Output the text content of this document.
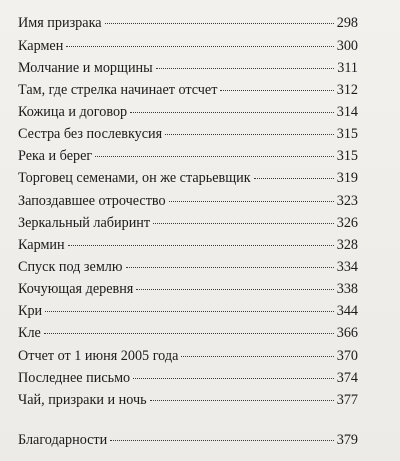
Имя призрака	298
Кармен	300
Молчание и морщины	311
Там, где стрелка начинает отсчет	312
Кожица и договор	314
Сестра без послевкусия	315
Река и берег	315
Торговец семенами, он же старьевщик	319
Запоздавшее отрочество	323
Зеркальный лабиринт	326
Кармин	328
Спуск под землю	334
Кочующая деревня	338
Кри	344
Кле	366
Отчет от 1 июня 2005 года	370
Последнее письмо	374
Чай, призраки и ночь	377
Благодарности	379
